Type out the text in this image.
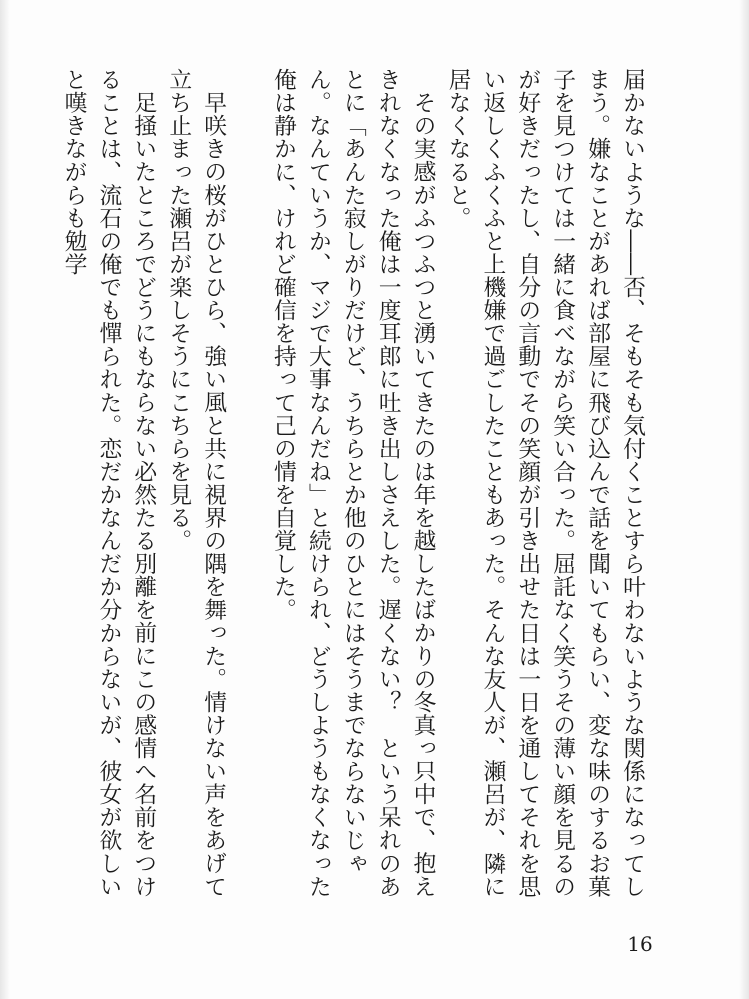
届かないような――否、そもそも気付くことすら叶わないような関係になってしまう。嫌なことがあれば部屋に飛び込んで話を聞いてもらい、変な味のするお菓子を見つけては一緒に食べながら笑い合った。屈託なく笑うその薄い顔を見るのが好きだったし、自分の言動でその笑顔が引き出せた日は一日を通してそれを思い返しくふくふと上機嫌で過ごしたこともあった。そんな友人が、瀬呂が、隣に居なくなると。

その実感がふつふつと湧いてきたのは年を越したばかりの冬真っ只中で、抱えきれなくなった俺は一度耳郎に吐き出しさえした。遅くない？　という呆れのあとに「あんた寂しがりだけど、うちらとか他のひとにはそうまでならないじゃん。なんていうか、マジで大事なんだね」と続けられ、どうしようもなくなった俺は静かに、けれど確信を持って己の情を自覚した。

早咲きの桜がひとひら、強い風と共に視界の隅を舞った。情けない声をあげて立ち止まった瀬呂が楽しそうにこちらを見る。

足掻いたところでどうにもならない必然たる別離を前にこの感情へ名前をつけることは、流石の俺でも憚られた。恋だかなんだか分からないが、彼女が欲しいと嘆きながらも勉学

16
